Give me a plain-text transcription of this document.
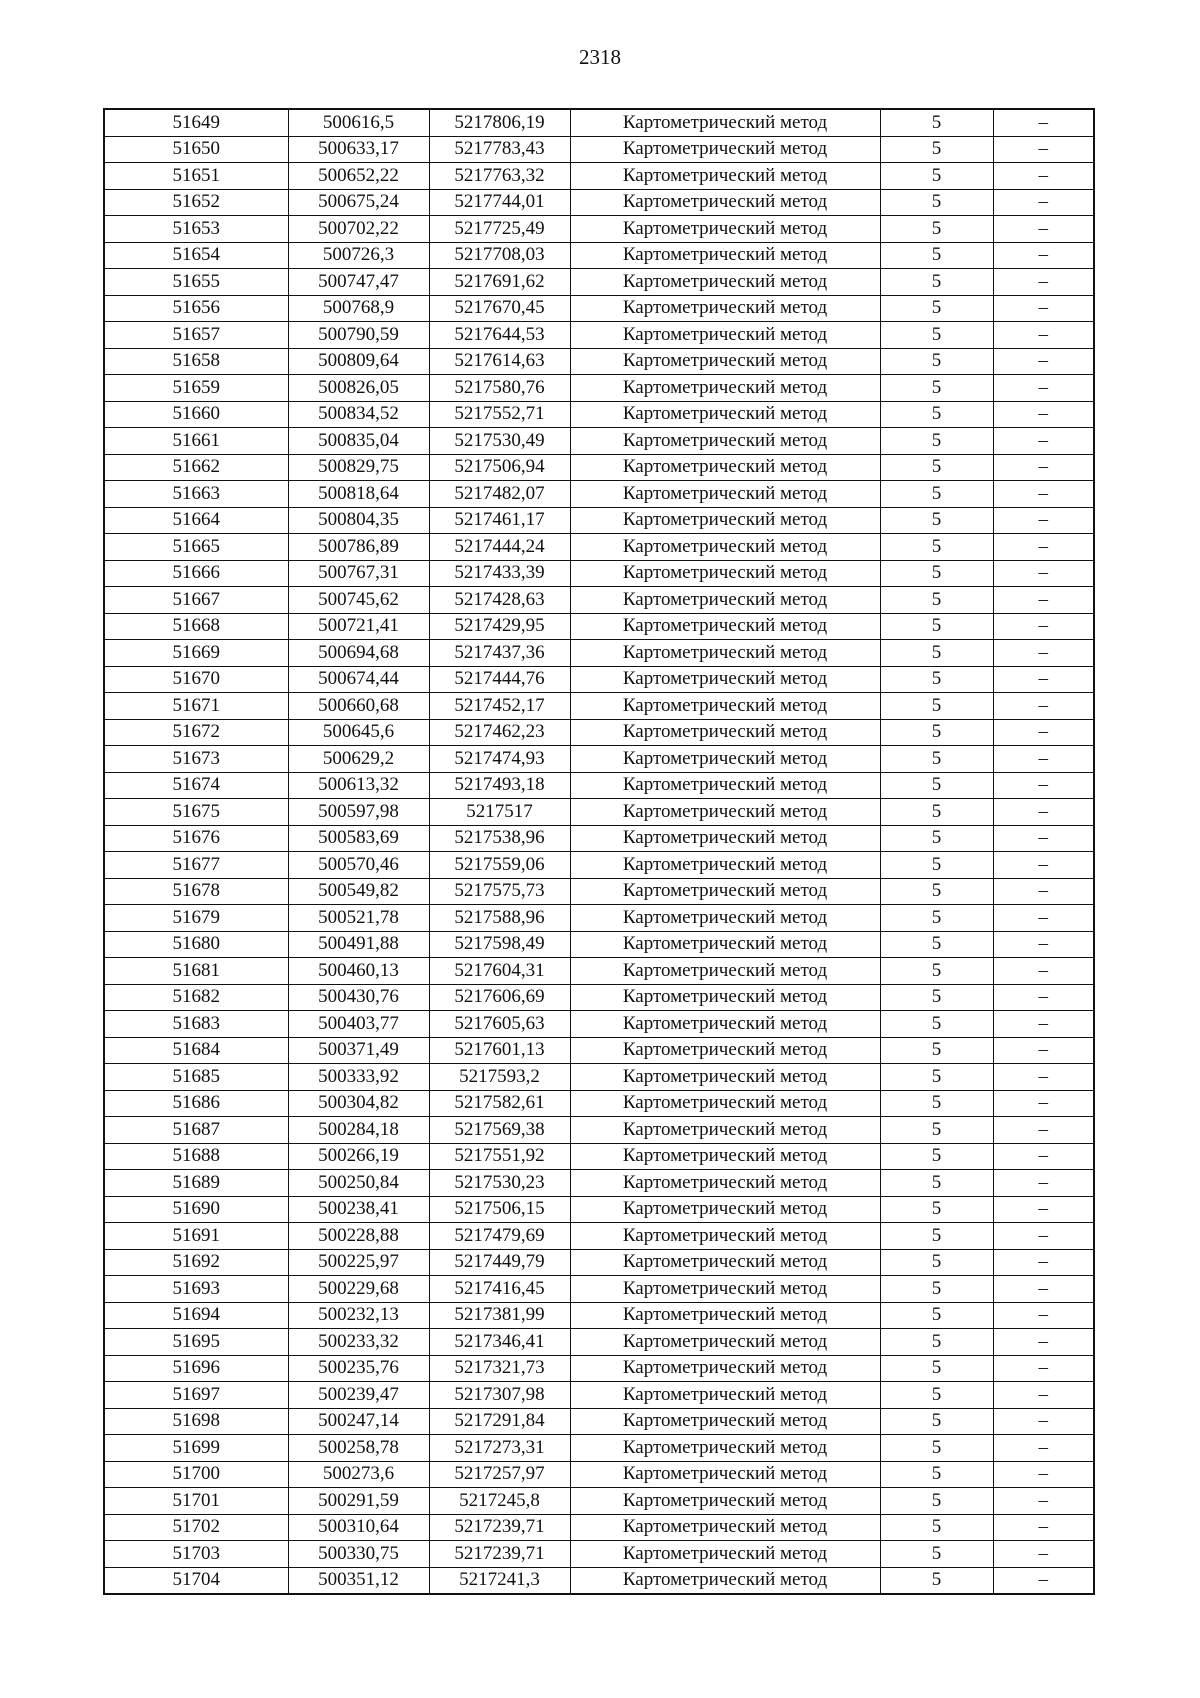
2318
51649	500616,5	5217806,19	Картометрический метод	5	–
51650	500633,17	5217783,43	Картометрический метод	5	–
51651	500652,22	5217763,32	Картометрический метод	5	–
51652	500675,24	5217744,01	Картометрический метод	5	–
51653	500702,22	5217725,49	Картометрический метод	5	–
51654	500726,3	5217708,03	Картометрический метод	5	–
51655	500747,47	5217691,62	Картометрический метод	5	–
51656	500768,9	5217670,45	Картометрический метод	5	–
51657	500790,59	5217644,53	Картометрический метод	5	–
51658	500809,64	5217614,63	Картометрический метод	5	–
51659	500826,05	5217580,76	Картометрический метод	5	–
51660	500834,52	5217552,71	Картометрический метод	5	–
51661	500835,04	5217530,49	Картометрический метод	5	–
51662	500829,75	5217506,94	Картометрический метод	5	–
51663	500818,64	5217482,07	Картометрический метод	5	–
51664	500804,35	5217461,17	Картометрический метод	5	–
51665	500786,89	5217444,24	Картометрический метод	5	–
51666	500767,31	5217433,39	Картометрический метод	5	–
51667	500745,62	5217428,63	Картометрический метод	5	–
51668	500721,41	5217429,95	Картометрический метод	5	–
51669	500694,68	5217437,36	Картометрический метод	5	–
51670	500674,44	5217444,76	Картометрический метод	5	–
51671	500660,68	5217452,17	Картометрический метод	5	–
51672	500645,6	5217462,23	Картометрический метод	5	–
51673	500629,2	5217474,93	Картометрический метод	5	–
51674	500613,32	5217493,18	Картометрический метод	5	–
51675	500597,98	5217517	Картометрический метод	5	–
51676	500583,69	5217538,96	Картометрический метод	5	–
51677	500570,46	5217559,06	Картометрический метод	5	–
51678	500549,82	5217575,73	Картометрический метод	5	–
51679	500521,78	5217588,96	Картометрический метод	5	–
51680	500491,88	5217598,49	Картометрический метод	5	–
51681	500460,13	5217604,31	Картометрический метод	5	–
51682	500430,76	5217606,69	Картометрический метод	5	–
51683	500403,77	5217605,63	Картометрический метод	5	–
51684	500371,49	5217601,13	Картометрический метод	5	–
51685	500333,92	5217593,2	Картометрический метод	5	–
51686	500304,82	5217582,61	Картометрический метод	5	–
51687	500284,18	5217569,38	Картометрический метод	5	–
51688	500266,19	5217551,92	Картометрический метод	5	–
51689	500250,84	5217530,23	Картометрический метод	5	–
51690	500238,41	5217506,15	Картометрический метод	5	–
51691	500228,88	5217479,69	Картометрический метод	5	–
51692	500225,97	5217449,79	Картометрический метод	5	–
51693	500229,68	5217416,45	Картометрический метод	5	–
51694	500232,13	5217381,99	Картометрический метод	5	–
51695	500233,32	5217346,41	Картометрический метод	5	–
51696	500235,76	5217321,73	Картометрический метод	5	–
51697	500239,47	5217307,98	Картометрический метод	5	–
51698	500247,14	5217291,84	Картометрический метод	5	–
51699	500258,78	5217273,31	Картометрический метод	5	–
51700	500273,6	5217257,97	Картометрический метод	5	–
51701	500291,59	5217245,8	Картометрический метод	5	–
51702	500310,64	5217239,71	Картометрический метод	5	–
51703	500330,75	5217239,71	Картометрический метод	5	–
51704	500351,12	5217241,3	Картометрический метод	5	–
